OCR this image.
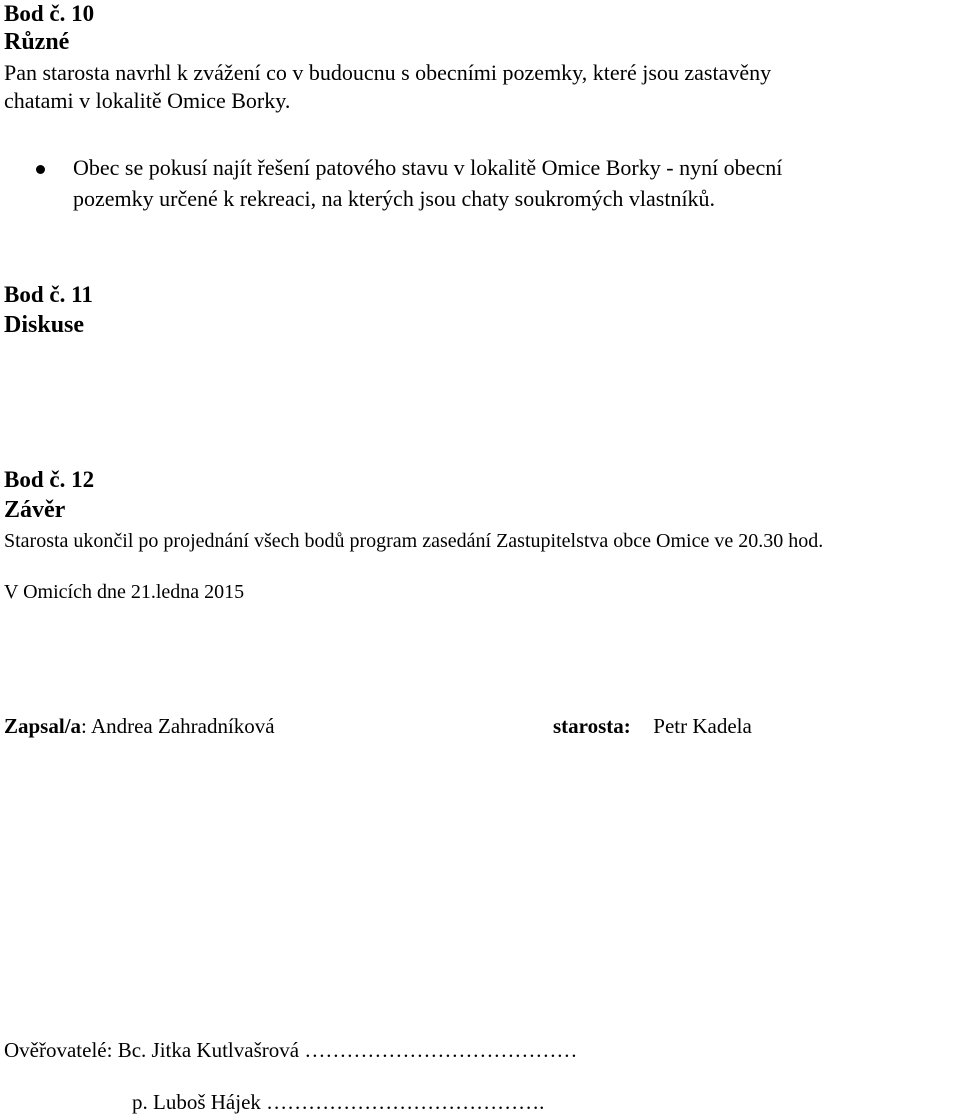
Bod č. 10
Různé
Pan starosta navrhl k zvážení co v budoucnu s obecními pozemky, které jsou zastavěny
chatami v lokalitě Omice Borky.
Obec se pokusí najít řešení patového stavu v lokalitě Omice Borky - nyní obecní
pozemky určené k rekreaci, na kterých jsou chaty soukromých vlastníků.
Bod č. 11
Diskuse
Bod č. 12
Závěr
Starosta ukončil po projednání všech bodů program zasedání Zastupitelstva obce Omice ve 20.30 hod.
V Omicích dne 21.ledna 2015
Zapsal/a: Andrea Zahradníková	starosta: Petr Kadela
Ověřovatelé: Bc. Jitka Kutlvašrová …………………………………
p. Luboš Hájek ………………………………….
